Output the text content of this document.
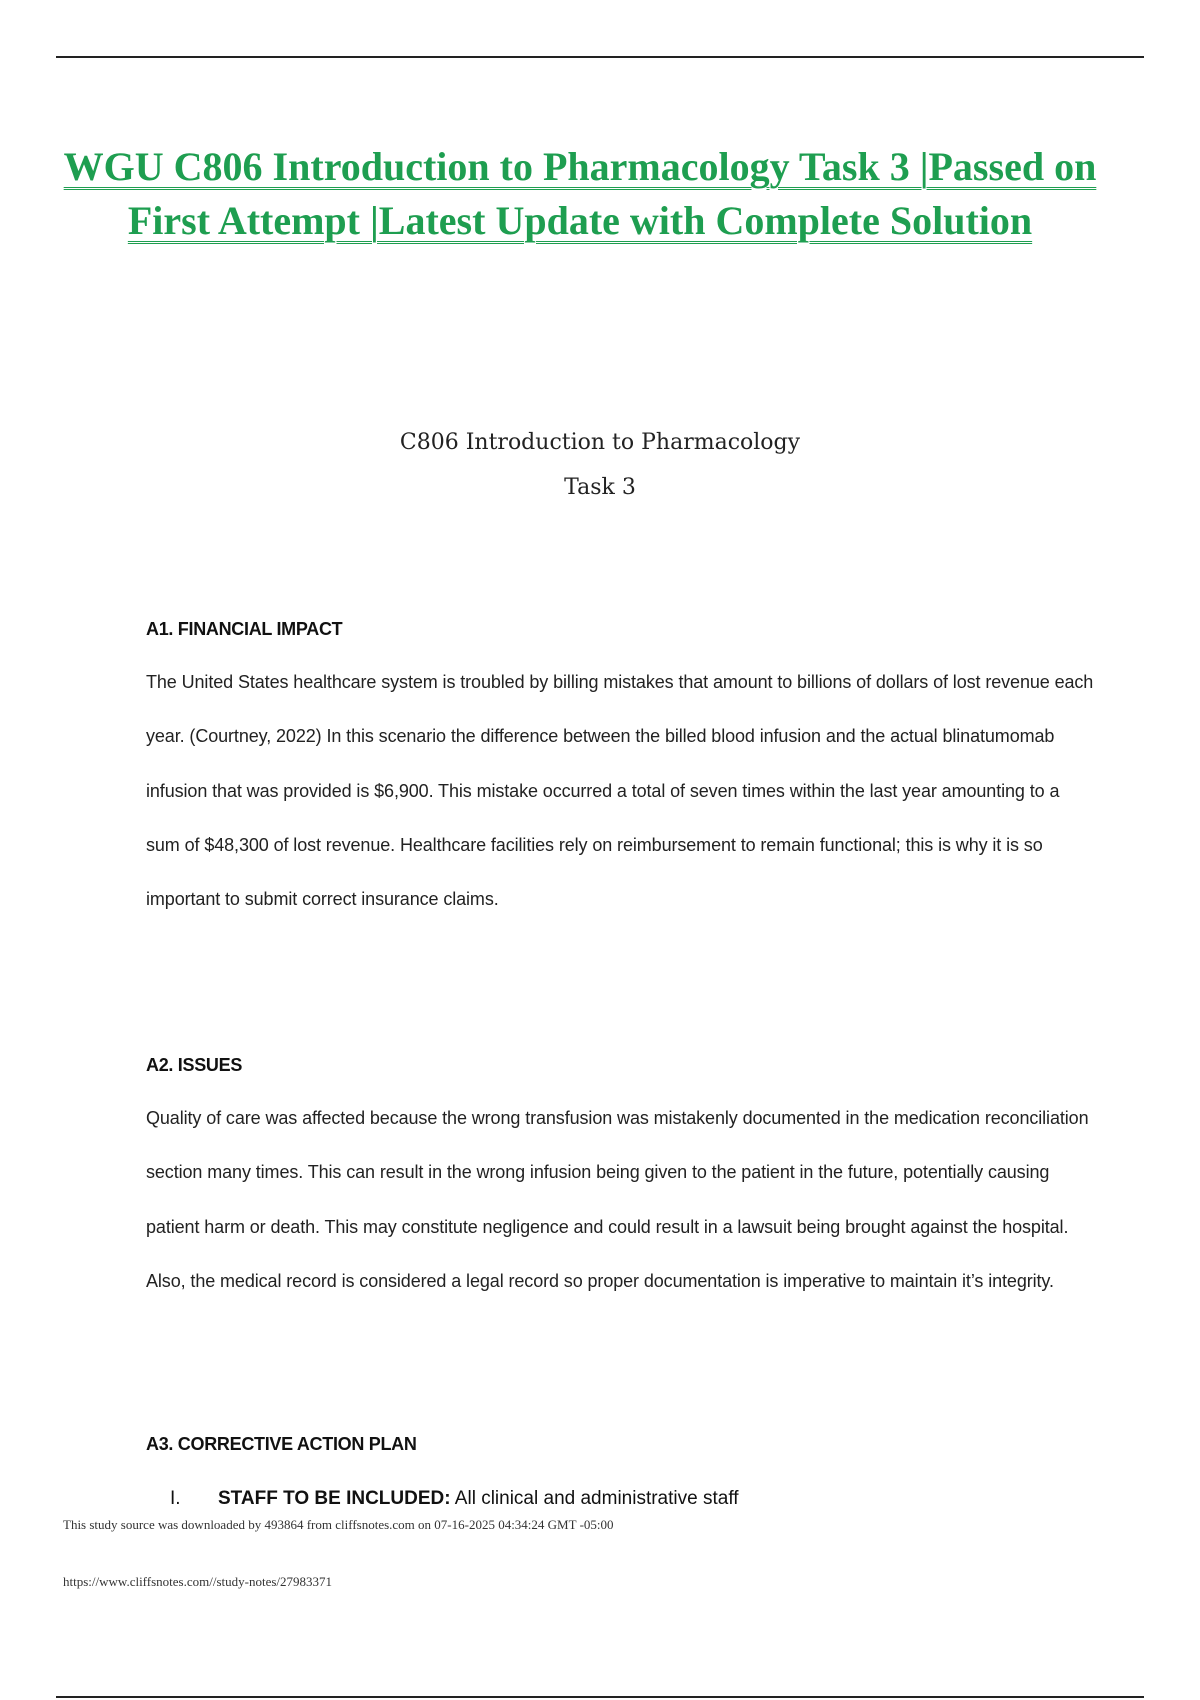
WGU C806 Introduction to Pharmacology Task 3 |Passed on
First Attempt |Latest Update with Complete Solution
C806 Introduction to Pharmacology
Task 3
A1. FINANCIAL IMPACT
The United States healthcare system is troubled by billing mistakes that amount to billions of dollars of lost revenue each year. (Courtney, 2022) In this scenario the difference between the billed blood infusion and the actual blinatumomab infusion that was provided is $6,900. This mistake occurred a total of seven times within the last year amounting to a sum of $48,300 of lost revenue. Healthcare facilities rely on reimbursement to remain functional; this is why it is so important to submit correct insurance claims.
A2. ISSUES
Quality of care was affected because the wrong transfusion was mistakenly documented in the medication reconciliation section many times. This can result in the wrong infusion being given to the patient in the future, potentially causing patient harm or death. This may constitute negligence and could result in a lawsuit being brought against the hospital. Also, the medical record is considered a legal record so proper documentation is imperative to maintain it’s integrity.
A3. CORRECTIVE ACTION PLAN
I. STAFF TO BE INCLUDED: All clinical and administrative staff
This study source was downloaded by 493864 from cliffsnotes.com on 07-16-2025 04:34:24 GMT -05:00
https://www.cliffsnotes.com//study-notes/27983371
